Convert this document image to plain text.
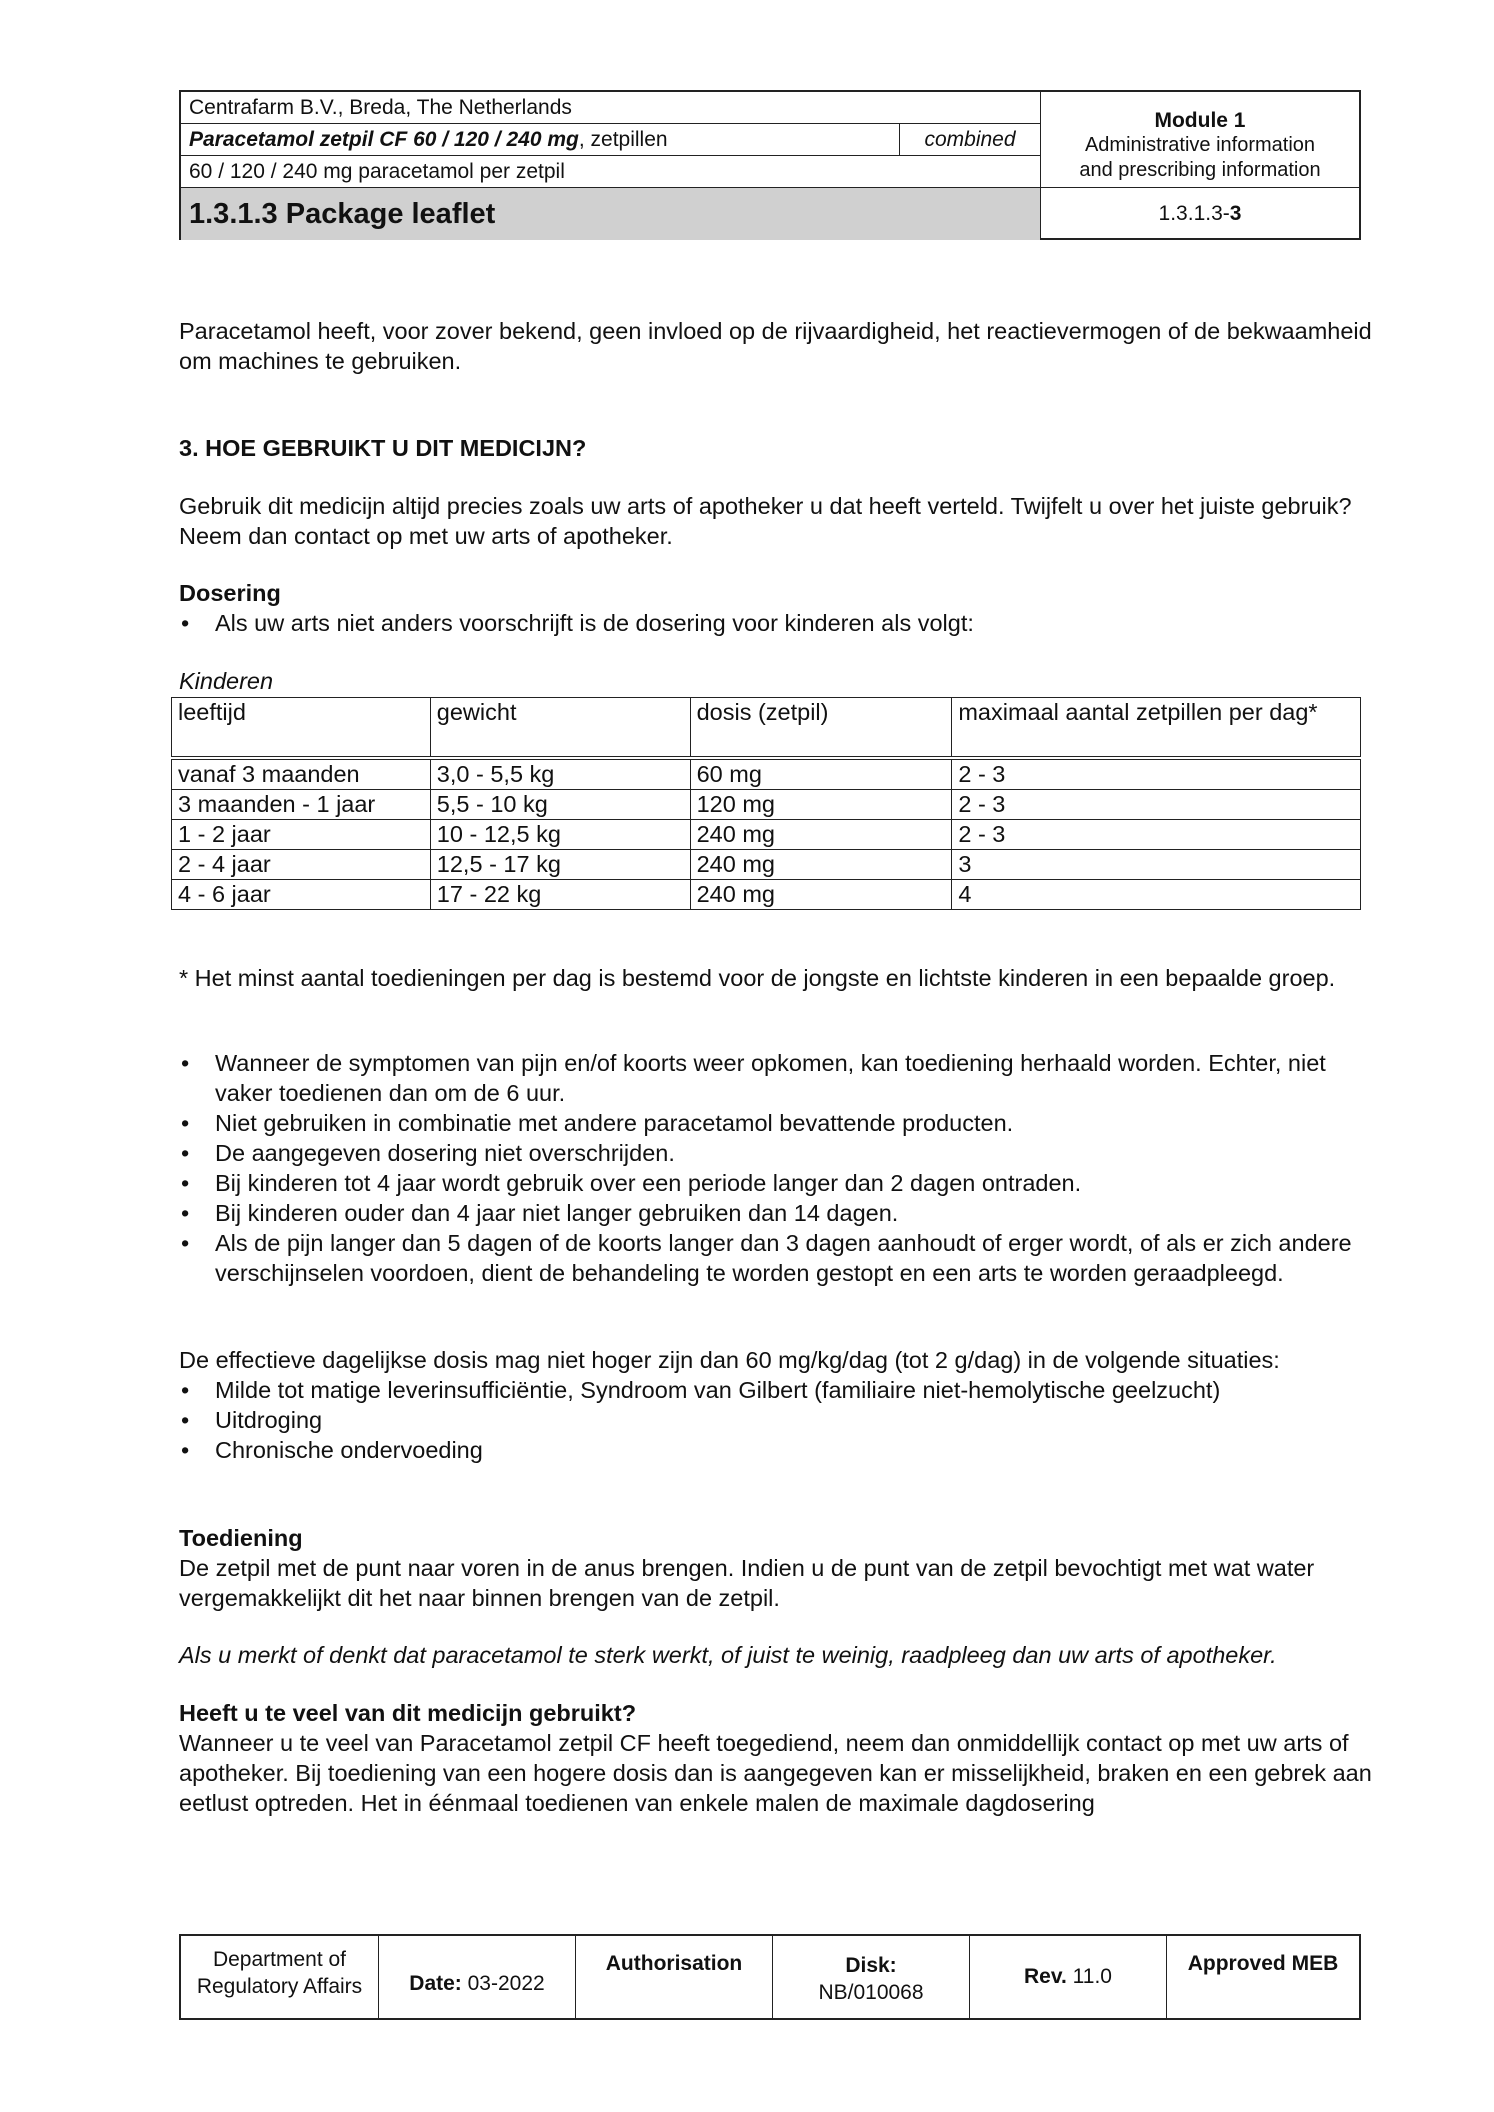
Centrafarm B.V., Breda, The Netherlands
Paracetamol zetpil CF 60 / 120 / 240 mg, zetpillen	combined
60 / 120 / 240 mg paracetamol per zetpil
1.3.1.3 Package leaflet
Module 1
Administrative information
and prescribing information
1.3.1.3- 3

Paracetamol heeft, voor zover bekend, geen invloed op de rijvaardigheid, het reactievermogen of de bekwaamheid om machines te gebruiken.

3. HOE GEBRUIKT U DIT MEDICIJN?

Gebruik dit medicijn altijd precies zoals uw arts of apotheker u dat heeft verteld. Twijfelt u over het juiste gebruik? Neem dan contact op met uw arts of apotheker.

Dosering
• Als uw arts niet anders voorschrijft is de dosering voor kinderen als volgt:
Kinderen
leeftijd	gewicht	dosis (zetpil)	maximaal aantal zetpillen per dag*
vanaf 3 maanden	3,0 - 5,5 kg	60 mg	2 - 3
3 maanden - 1 jaar	5,5 - 10 kg	120 mg	2 - 3
1 - 2 jaar	10 - 12,5 kg	240 mg	2 - 3
2 - 4 jaar	12,5 - 17 kg	240 mg	3
4 - 6 jaar	17 - 22 kg	240 mg	4

* Het minst aantal toedieningen per dag is bestemd voor de jongste en lichtste kinderen in een bepaalde groep.

• Wanneer de symptomen van pijn en/of koorts weer opkomen, kan toediening herhaald worden. Echter, niet vaker toedienen dan om de 6 uur.
• Niet gebruiken in combinatie met andere paracetamol bevattende producten.
• De aangegeven dosering niet overschrijden.
• Bij kinderen tot 4 jaar wordt gebruik over een periode langer dan 2 dagen ontraden.
• Bij kinderen ouder dan 4 jaar niet langer gebruiken dan 14 dagen.
• Als de pijn langer dan 5 dagen of de koorts langer dan 3 dagen aanhoudt of erger wordt, of als er zich andere verschijnselen voordoen, dient de behandeling te worden gestopt en een arts te worden geraadpleegd.

De effectieve dagelijkse dosis mag niet hoger zijn dan 60 mg/kg/dag (tot 2 g/dag) in de volgende situaties:

• Milde tot matige leverinsufficiëntie, Syndroom van Gilbert (familiaire niet-hemolytische geelzucht)
• Uitdroging
• Chronische ondervoeding
Toediening

De zetpil met de punt naar voren in de anus brengen. Indien u de punt van de zetpil bevochtigt met wat water vergemakkelijkt dit het naar binnen brengen van de zetpil.

Als u merkt of denkt dat paracetamol te sterk werkt, of juist te weinig, raadpleeg dan uw arts of apotheker.
Heeft u te veel van dit medicijn gebruikt?

Wanneer u te veel van Paracetamol zetpil CF heeft toegediend, neem dan onmiddellijk contact op met uw arts of apotheker. Bij toediening van een hogere dosis dan is aangegeven kan er misselijkheid, braken en een gebrek aan eetlust optreden. Het in éénmaal toedienen van enkele malen de maximale dagdosering

Department of
Regulatory Affairs	Date: 03-2022
Authorisation	Disk:
NB/010068
Rev. 11.0
Approved MEB
